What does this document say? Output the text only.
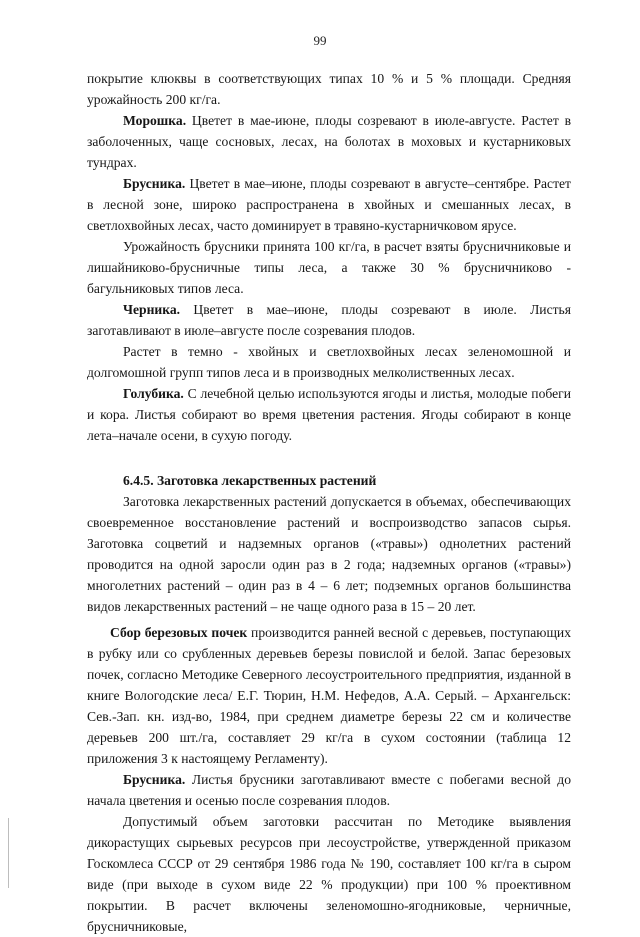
99

покрытие клюквы в соответствующих типах 10 % и 5 % площади. Средняя урожайность 200 кг/га.

Морошка. Цветет в мае-июне, плоды созревают в июле-августе. Растет в заболоченных, чаще сосновых, лесах, на болотах в моховых и кустарниковых тундрах.

Брусника. Цветет в мае–июне, плоды созревают в августе–сентябре. Растет в лесной зоне, широко распространена в хвойных и смешанных лесах, в светлохвойных лесах, часто доминирует в травяно-кустарничковом ярусе.

Урожайность брусники принята 100 кг/га, в расчет взяты брусничниковые и лишайниково-брусничные типы леса, а также 30 % брусничниково - багульниковых типов леса.

Черника. Цветет в мае–июне, плоды созревают в июле. Листья заготавливают в июле–августе после созревания плодов.

Растет в темно - хвойных и светлохвойных лесах зеленомошной и долгомошной групп типов леса и в производных мелколиственных лесах.

Голубика. С лечебной целью используются ягоды и листья, молодые побеги и кора. Листья собирают во время цветения растения. Ягоды собирают в конце лета–начале осени, в сухую погоду.

6.4.5. Заготовка лекарственных растений

Заготовка лекарственных растений допускается в объемах, обеспечивающих своевременное восстановление растений и воспроизводство запасов сырья. Заготовка соцветий и надземных органов («травы») однолетних растений проводится на одной заросли один раз в 2 года; надземных органов («травы») многолетних растений – один раз в 4 – 6 лет; подземных органов большинства видов лекарственных растений – не чаще одного раза в 15 – 20 лет.

Сбор березовых почек производится ранней весной с деревьев, поступающих в рубку или со срубленных деревьев березы повислой и белой. Запас березовых почек, согласно Методике Северного лесоустроительного предприятия, изданной в книге Вологодские леса/ Е.Г. Тюрин, Н.М. Нефедов, А.А. Серый. – Архангельск: Сев.-Зап. кн. изд-во, 1984, при среднем диаметре березы 22 см и количестве деревьев 200 шт./га, составляет 29 кг/га в сухом состоянии (таблица 12 приложения 3 к настоящему Регламенту).

Брусника. Листья брусники заготавливают вместе с побегами весной до начала цветения и осенью после созревания плодов.

Допустимый объем заготовки рассчитан по Методике выявления дикорастущих сырьевых ресурсов при лесоустройстве, утвержденной приказом Госкомлеса СССР от 29 сентября 1986 года № 190, составляет 100 кг/га в сыром виде (при выходе в сухом виде 22 % продукции) при 100 % проективном покрытии. В расчет включены зеленомошно-ягодниковые, черничные, брусничниковые,
